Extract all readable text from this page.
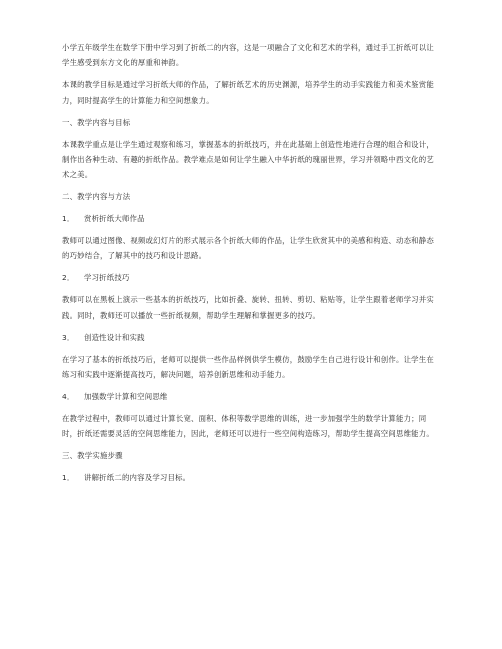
小学五年级学生在数学下册中学习到了折纸二的内容，这是一项融合了文化和艺术的学科，通过手工折纸可以让学生感受到东方文化的厚重和神韵。

本课的教学目标是通过学习折纸大师的作品，了解折纸艺术的历史渊源，培养学生的动手实践能力和美术鉴赏能力，同时提高学生的计算能力和空间想象力。

一、教学内容与目标

本课教学重点是让学生通过观察和练习，掌握基本的折纸技巧，并在此基础上创造性地进行合理的组合和设计，制作出各种生动、有趣的折纸作品。教学难点是如何让学生融入中华折纸的瑰丽世界，学习并领略中西文化的艺术之美。

二、教学内容与方法

1．	赏析折纸大师作品

教师可以通过图像、视频或幻灯片的形式展示各个折纸大师的作品，让学生欣赏其中的美感和构造、动态和静态的巧妙结合，了解其中的技巧和设计思路。

2．	学习折纸技巧

教师可以在黑板上演示一些基本的折纸技巧，比如折叠、旋转、扭转、剪切、粘贴等，让学生跟着老师学习并实践。同时，教师还可以播放一些折纸视频，帮助学生理解和掌握更多的技巧。

3．	创造性设计和实践

在学习了基本的折纸技巧后，老师可以提供一些作品样例供学生模仿，鼓励学生自己进行设计和创作。让学生在练习和实践中逐渐提高技巧，解决问题，培养创新思维和动手能力。

4．	加强数学计算和空间思维

在教学过程中，教师可以通过计算长宽、面积、体积等数学思维的训练，进一步加强学生的数学计算能力；同时，折纸还需要灵活的空间思维能力，因此，老师还可以进行一些空间构造练习，帮助学生提高空间思维能力。

三、教学实施步骤

1．	讲解折纸二的内容及学习目标。
